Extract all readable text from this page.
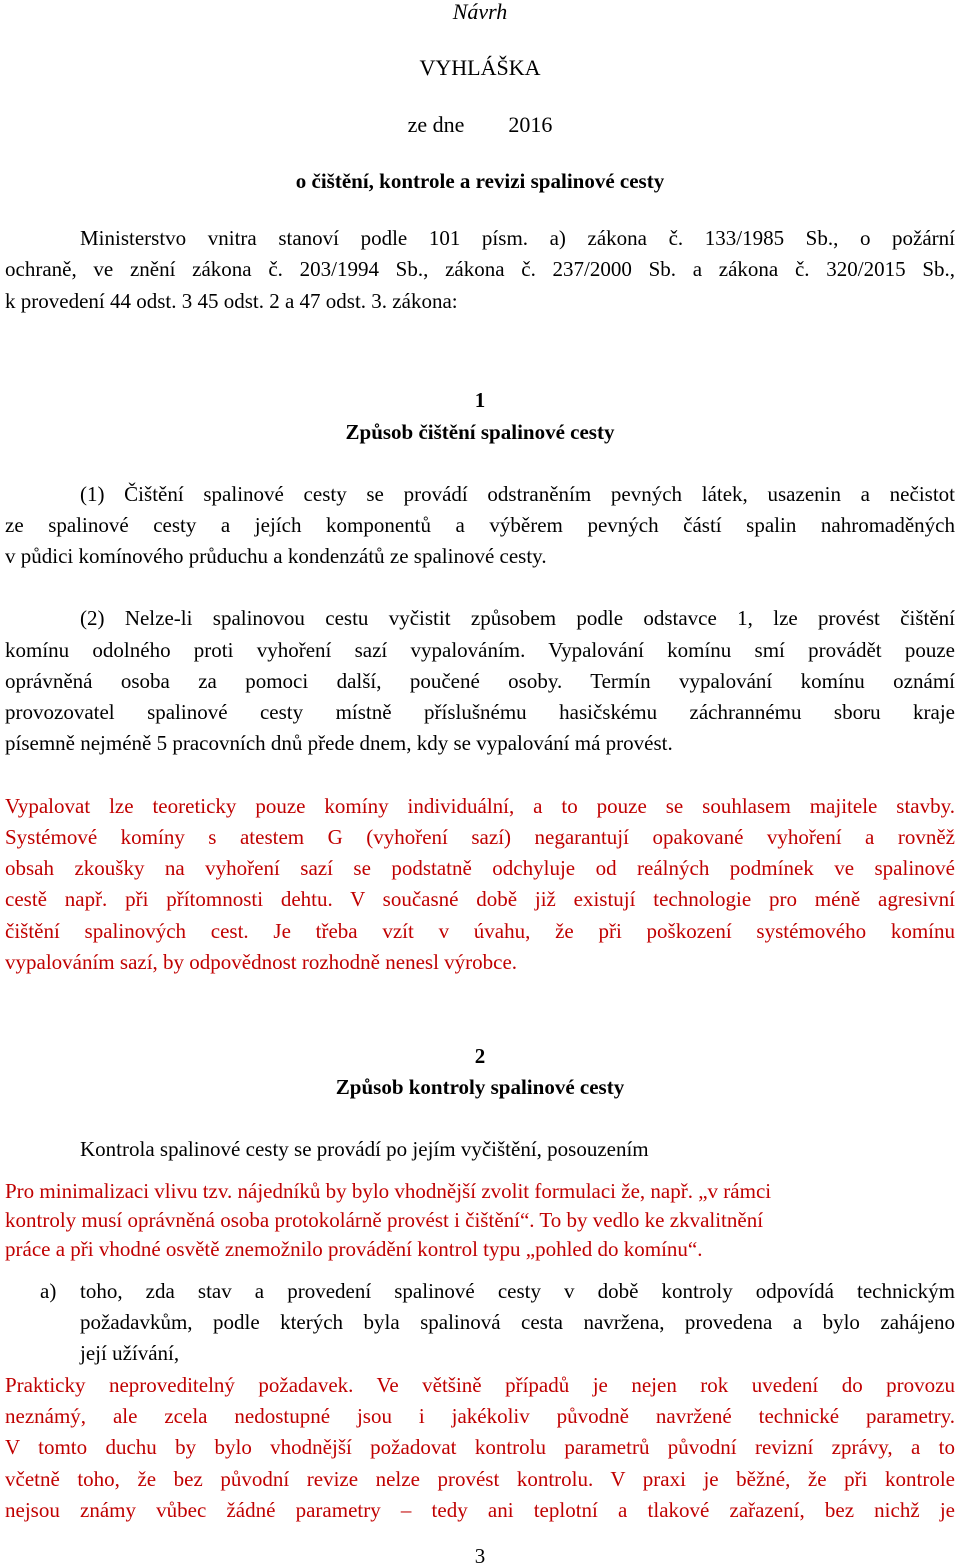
Návrh
VYHLÁŠKA
ze dne        2016
o čištění, kontrole a revizi spalinové cesty
Ministerstvo vnitra stanoví podle 101 písm. a) zákona č. 133/1985 Sb., o požární
ochraně, ve znění zákona č. 203/1994 Sb., zákona č. 237/2000 Sb. a zákona č. 320/2015 Sb.,
k provedení 44 odst. 3 45 odst. 2 a 47 odst. 3. zákona:
1
Způsob čištění spalinové cesty
(1) Čištění spalinové cesty se provádí odstraněním pevných látek, usazenin a nečistot
ze spalinové cesty a jejích komponentů a výběrem pevných částí spalin nahromaděných
v půdici komínového průduchu a kondenzátů ze spalinové cesty.
(2) Nelze-li spalinovou cestu vyčistit způsobem podle odstavce 1, lze provést čištění
komínu odolného proti vyhoření sazí vypalováním. Vypalování komínu smí provádět pouze
oprávněná osoba za pomoci další, poučené osoby. Termín vypalování komínu oznámí
provozovatel spalinové cesty místně příslušnému hasičskému záchrannému sboru kraje
písemně nejméně 5 pracovních dnů přede dnem, kdy se vypalování má provést.
Vypalovat lze teoreticky pouze komíny individuální, a to pouze se souhlasem majitele stavby.
Systémové komíny s atestem G (vyhoření sazí) negarantují opakované vyhoření a rovněž
obsah zkoušky na vyhoření sazí se podstatně odchyluje od reálných podmínek ve spalinové
cestě např. při přítomnosti dehtu. V současné době již existují technologie pro méně agresivní
čištění spalinových cest. Je třeba vzít v úvahu, že při poškození systémového komínu
vypalováním sazí, by odpovědnost rozhodně nenesl výrobce.
2
Způsob kontroly spalinové cesty
Kontrola spalinové cesty se provádí po jejím vyčištění, posouzením
Pro minimalizaci vlivu tzv. nájedníků by bylo vhodnější zvolit formulaci že, např. „v rámci
kontroly musí oprávněná osoba protokolárně provést i čištění“. To by vedlo ke zkvalitnění
práce a při vhodné osvětě znemožnilo provádění kontrol typu „pohled do komínu“.
a) toho, zda stav a provedení spalinové cesty v době kontroly odpovídá technickým
požadavkům, podle kterých byla spalinová cesta navržena, provedena a bylo zahájeno
její užívání,
Prakticky neproveditelný požadavek. Ve většině případů je nejen rok uvedení do provozu
neznámý, ale zcela nedostupné jsou i jakékoliv původně navržené technické parametry.
V tomto duchu by bylo vhodnější požadovat kontrolu parametrů původní revizní zprávy, a to
včetně toho, že bez původní revize nelze provést kontrolu. V praxi je běžné, že při kontrole
nejsou známy vůbec žádné parametry – tedy ani teplotní a tlakové zařazení, bez nichž je
3
